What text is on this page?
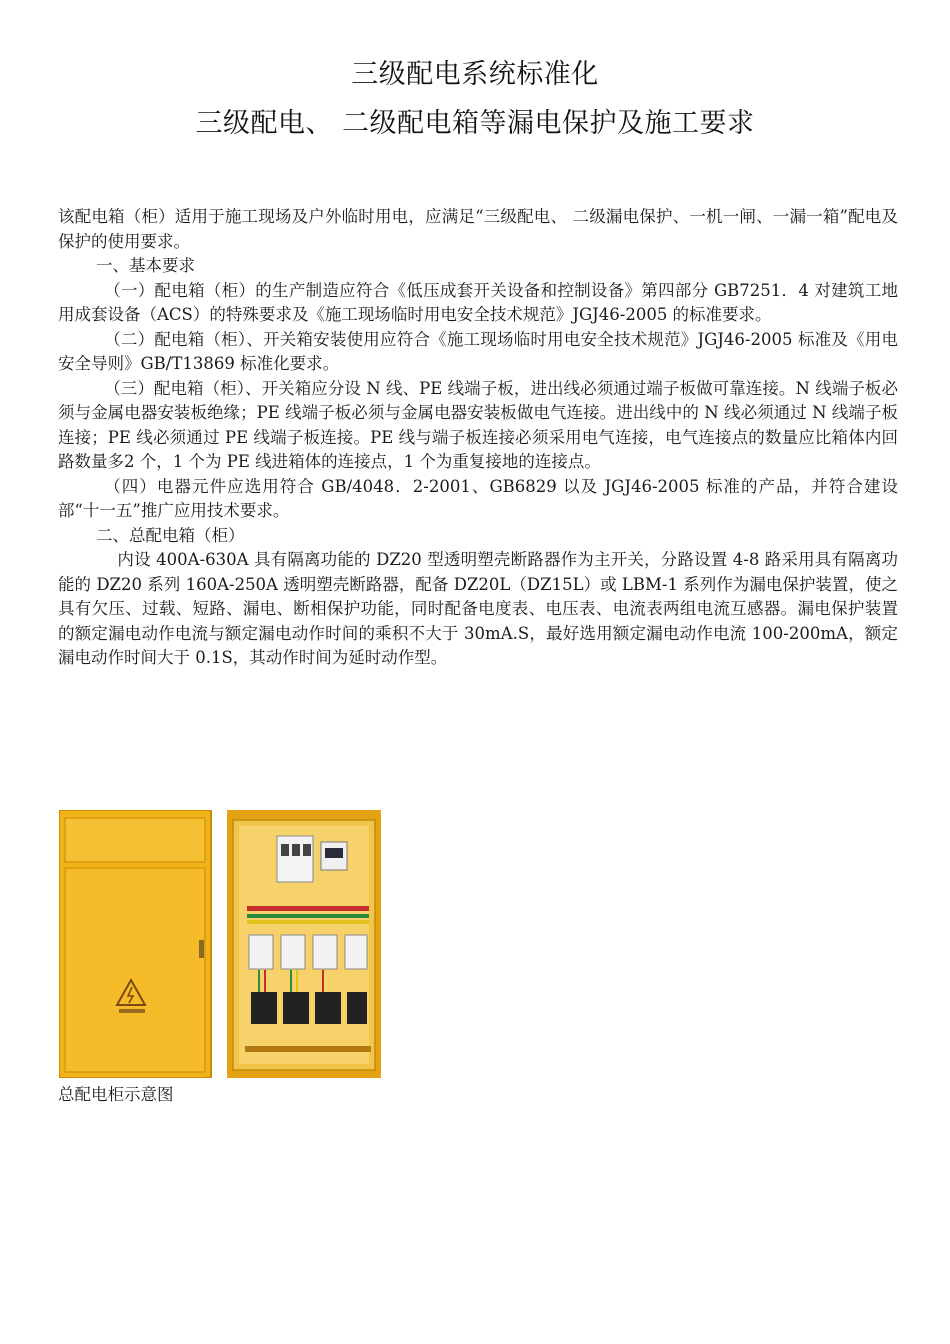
三级配电系统标准化
三级配电、 二级配电箱等漏电保护及施工要求

该配电箱（柜）适用于施工现场及户外临时用电，应满足“三级配电、 二级漏电保护、一机一闸、一漏一箱”配电及保护的使用要求。

一、基本要求

（一）配电箱（柜）的生产制造应符合《低压成套开关设备和控制设备》第四部分 GB7251．4 对建筑工地用成套设备（ACS）的特殊要求及《施工现场临时用电安全技术规范》JGJ46-2005 的标准要求。

（二）配电箱（柜）、开关箱安装使用应符合《施工现场临时用电安全技术规范》JGJ46-2005 标准及《用电安全导则》GB/T13869 标准化要求。

（三）配电箱（柜）、开关箱应分设 N 线、PE 线端子板，进出线必须通过端子板做可靠连接。N 线端子板必须与金属电器安装板绝缘；PE 线端子板必须与金属电器安装板做电气连接。进出线中的 N 线必须通过 N 线端子板连接；PE 线必须通过 PE 线端子板连接。PE 线与端子板连接必须采用电气连接，电气连接点的数量应比箱体内回路数量多2 个，1 个为 PE 线进箱体的连接点，1 个为重复接地的连接点。

（四）电器元件应选用符合 GB/4048．2-2001、GB6829 以及 JGJ46-2005 标准的产品，并符合建设部“十一五”推广应用技术要求。

二、总配电箱（柜）

内设 400A-630A 具有隔离功能的 DZ20 型透明塑壳断路器作为主开关，分路设置 4-8 路采用具有隔离功能的 DZ20 系列 160A-250A 透明塑壳断路器，配备 DZ20L（DZ15L）或 LBM-1 系列作为漏电保护装置，使之具有欠压、过载、短路、漏电、断相保护功能，同时配备电度表、电压表、电流表两组电流互感器。漏电保护装置的额定漏电动作电流与额定漏电动作时间的乘积不大于 30mA.S，最好选用额定漏电动作电流 100-200mA，额定漏电动作时间大于 0.1S，其动作时间为延时动作型。

总配电柜示意图
